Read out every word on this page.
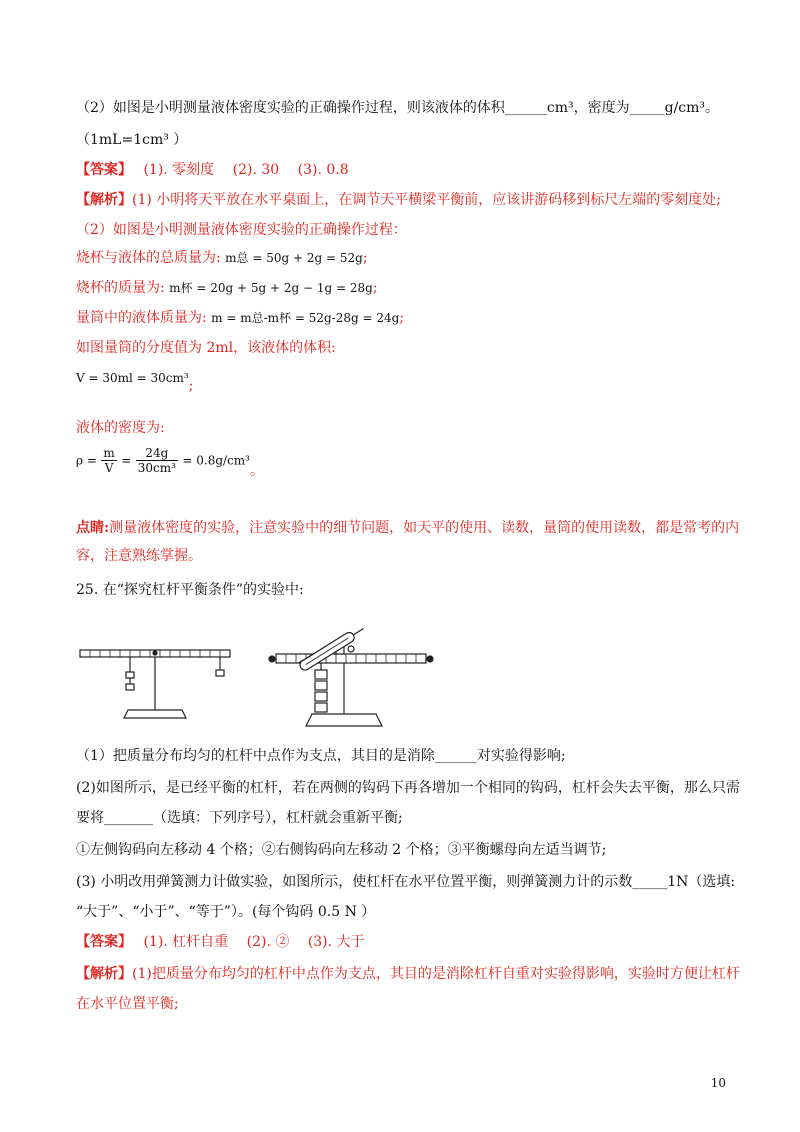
（2）如图是小明测量液体密度实验的正确操作过程，则该液体的体积______cm³，密度为_____g/cm³。
（1mL=1cm³ ）
【答案】　 (1). 零刻度　 (2). 30　 (3). 0.8
【解析】(1) 小明将天平放在水平桌面上，在调节天平横梁平衡前，应该讲游码移到标尺左端的零刻度处;
（2）如图是小明测量液体密度实验的正确操作过程：
烧杯与液体的总质量为: m总 = 50g + 2g = 52g;
烧杯的质量为: m杯 = 20g + 5g + 2g − 1g = 28g;
量筒中的液体质量为: m = m总-m杯 = 52g-28g = 24g;
如图量筒的分度值为 2ml，该液体的体积:
V = 30ml = 30cm³;
液体的密度为:
$\rho = \frac{m}{V} = \frac{24g}{\text{30cm³}} = 0.8g/cm^3$。
点睛:测量液体密度的实验，注意实验中的细节问题，如天平的使用、读数，量筒的使用读数，都是常考的内
容，注意熟练掌握。
25. 在“探究杠杆平衡条件”的实验中:
（1）把质量分布均匀的杠杆中点作为支点，其目的是消除______对实验得影响;
(2)如图所示，是已经平衡的杠杆，若在两侧的钩码下再各增加一个相同的钩码，杠杆会失去平衡，那么只需
要将_______（选填：下列序号），杠杆就会重新平衡;
①左侧钩码向左移动 4 个格；②右侧钩码向左移动 2 个格；③平衡螺母向左适当调节;
(3) 小明改用弹簧测力计做实验，如图所示，使杠杆在水平位置平衡，则弹簧测力计的示数_____1N（选填:
“大于”、“小于”、“等于”）。(每个钩码 0.5 N ）
【答案】　 (1). 杠杆自重　 (2). ②　 (3). 大于
【解析】(1)把质量分布均匀的杠杆中点作为支点，其目的是消除杠杆自重对实验得影响，实验时方便让杠杆
在水平位置平衡;
10
